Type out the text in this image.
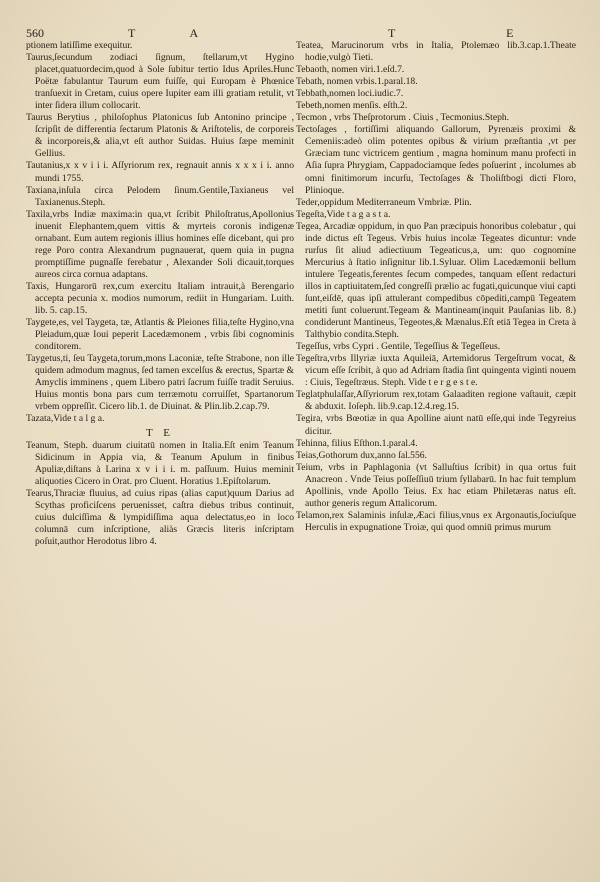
560	T A	T E
ptionem latiſſime exequitur.
Taurus,ſecundum zodiaci ſignum, ſtellarum,vt Hygino placet,quatuordecim,quod à Sole ſubitur tertio Idus Apriles.Hunc Poëtæ fabulantur Taurum eum fuiſſe, qui Europam è Phœnice tranſuexit in Cretam, cuius opere Iupiter eam illi gratiam retulit, vt inter ſidera illum collocarit.
Taurus Berytius , philoſophus Platonicus ſub Antonino principe , ſcripſit de differentia ſectarum Platonis & Ariſtotelis, de corporeis & incorporeis,& alia,vt eſt author Suidas. Huius ſæpe meminit Gellius.
Tautanius,x x v i i i. Aſſyriorum rex, regnauit annis x x x i i. anno mundi 1755.
Taxiana,inſula circa Pelodem ſinum.Gentile,Taxianeus vel Taxianenus.Steph.
Taxila,vrbs Indiæ maxima:in qua,vt ſcribit Philoſtratus,Apollonius inuenit Elephantem,quem vittis & myrteis coronis indigenæ ornabant. Eum autem regionis illius homines eſſe dicebant, qui pro rege Poro contra Alexandrum pugnauerat, quem quia in pugna promptiſſime pugnaſſe ferebatur , Alexander Soli dicauit,torques aureos circa cornua adaptans.
Taxis, Hungarorū rex,cum exercitu Italiam intrauit,à Berengario accepta pecunia x. modios numorum, rediit in Hungariam. Luith. lib. 5. cap.15.
Taygete,es, vel Taygeta, tæ, Atlantis & Pleiones filia,teſte Hygino,vna Pleiadum,quæ Ioui peperit Lacedæmonem , vrbis ſibi cognominis conditorem.
Taygetus,ti, ſeu Taygeta,torum,mons Laconiæ, teſte Strabone, non ille quidem admodum magnus, ſed tamen excelſus & erectus, Spartæ & Amyclis imminens , quem Libero patri ſacrum fuiſſe tradit Seruius. Huius montis bona pars cum terræmotu corruiſſet, Spartanorum vrbem oppreſſit. Cicero lib.1. de Diuinat. & Plin.lib.2.cap.79.
Tazata,Vide t a l g a.
T E
Teanum, Steph. duarum ciuitatū nomen in Italia.Eſt enim Teanum Sidicinum in Appia via, & Teanum Apulum in finibus Apuliæ,diſtans à Larina x v i i i. m. paſſuum. Huius meminit aliquoties Cicero in Orat. pro Cluent. Horatius 1.Epiſtolarum.
Tearus,Thraciæ fluuius, ad cuius ripas (alias caput)quum Darius ad Scythas proficiſcens peruenisset, caſtra diebus tribus continuit, cuius dulciſſima & lympidiſſima aqua delectatus,eo in loco columnā cum inſcriptione, aliàs Græcis literis inſcriptam poſuit,author Herodotus libro 4.
Teatea, Marucinorum vrbs in Italia, Ptolemæo lib.3.cap.1.Theate hodie,vulgò Tieti.
Tebaoth, nomen viri.1.eſd.7.
Tebath, nomen vrbis.1.paral.18.
Tebbath,nomen loci.iudic.7.
Tebeth,nomen menſis. eſth.2.
Tecmon , vrbs Theſprotorum . Ciuis , Tecmonius.Steph.
Tectoſages , fortiſſimi aliquando Gallorum, Pyrenæis proximi & Cemeniis:adeò olim potentes opibus & virium præſtantia ,vt per Græciam tunc victricem gentium , magna hominum manu profecti in Aſia ſupra Phrygiam, Cappadociamque ſedes poſuerint , incolumes ab omni finitimorum incurſu, Tectoſages & Tholiſtbogi dicti Floro, Plinioque.
Teder,oppidum Mediterraneum Vmbriæ. Plin.
Tegeſta,Vide t a g a s t a.
Tegea, Arcadiæ oppidum, in quo Pan præcipuis honoribus colebatur , qui inde dictus eſt Tegeus. Vrbis huius incolæ Tegeates dicuntur: vnde rurſus ſit aliud adiectiuum Tegeaticus,a, um: quo cognomine Mercurius à ſtatio inſignitur lib.1.Syluar. Olim Lacedæmonii bellum intulere Tegeatis,ferentes ſecum compedes, tanquam eſſent redacturi illos in captiuitatem,ſed congreſſi prælio ac fugati,quicunque viui capti ſunt,eiſdē, quas ipſi attulerant compedibus cōpediti,campū Tegeatem metiti ſunt coluerunt.Tegeam & Mantineam(inquit Pauſanias lib. 8.) condiderunt Mantineus, Tegeotes,& Mænalus.Eſt etiā Tegea in Creta à Talthybio condita.Steph.
Tegeſſus, vrbs Cypri . Gentile, Tegeſſius & Tegeſſeus.
Tegeſtra,vrbs Illyriæ iuxta Aquileiā, Artemidorus Tergeſtrum vocat, & vicum eſſe ſcribit, à quo ad Adriam ſtadia ſint quingenta viginti nouem : Ciuis, Tegeſtræus. Steph. Vide t e r g e s t e.
Teglatphulaſſar,Aſſyriorum rex,totam Galaaditen regione vaſtauit, cæpit & abduxit. Ioſeph. lib.9.cap.12.4.reg.15.
Tegira, vrbs Bœotiæ in qua Apolline aiunt natū eſſe,qui inde Tegyreius dicitur.
Tehinna, filius Eſthon.1.paral.4.
Teias,Gothorum dux,anno ſal.556.
Teium, vrbs in Paphlagonia (vt Salluſtius ſcribit) in qua ortus fuit Anacreon . Vnde Teius poſſeſſiuū trium ſyllabarū. In hac fuit templum Apollinis, vnde Apollo Teius. Ex hac etiam Philetæras natus eſt. author generis regum Attalicorum.
Telamon,rex Salaminis inſulæ,Æaci filius,vnus ex Argonautis,ſociuſque Herculis in expugnatione Troiæ, qui quod omniū primus murum
